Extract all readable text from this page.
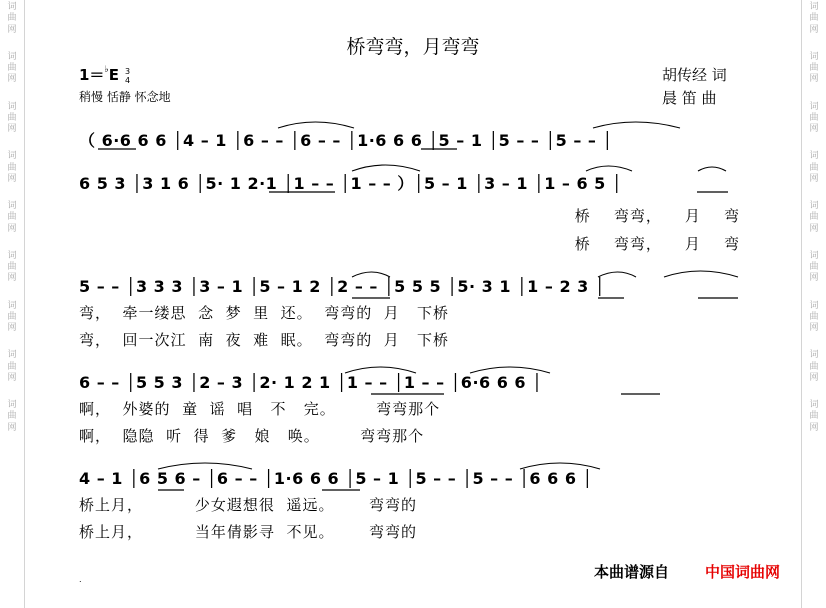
词曲网
词曲网
词曲网
词曲网
词曲网
词曲网
词曲网
词曲网
词曲网
词曲网
词曲网
词曲网
词曲网
词曲网
词曲网
词曲网
词曲网
词曲网
桥弯弯，月弯弯
1＝♭E 3
4
稍慢 恬静 怀念地
胡传经 词
晨 笛 曲
（ 6·6 6 6 │4 – 1 │6 – – │6 – – │1·6 6 6 │5 – 1 │5 – – │5 – – │
6 5 3 │3 1 6 │5· 1 2·1 │1 – – │1 – – ）│5 – 1 │3 – 1 │1 – 6 5 │
桥    弯弯，    月    弯
桥    弯弯，    月    弯
5 – – │3 3 3 │3 – 1 │5 – 1 2 │2 – – │5 5 5 │5· 3 1 │1 – 2 3 │
弯，  牵一缕思  念  梦  里  还。  弯弯的  月   下桥
弯，  回一次江  南  夜  难  眠。  弯弯的  月   下桥
6 – – │5 5 3 │2 – 3 │2· 1 2 1 │1 – – │1 – – │6·6 6 6 │
啊，  外婆的  童  谣  唱   不   完。       弯弯那个
啊，  隐隐  听  得  爹   娘   唤。       弯弯那个
4 – 1 │6 5 6 – │6 – – │1·6 6 6 │5 – 1 │5 – – │5 – – │6 6 6 │
桥上月，         少女遐想很  遥远。      弯弯的
桥上月，         当年倩影寻  不见。      弯弯的
本曲谱源自 中国词曲网
.
